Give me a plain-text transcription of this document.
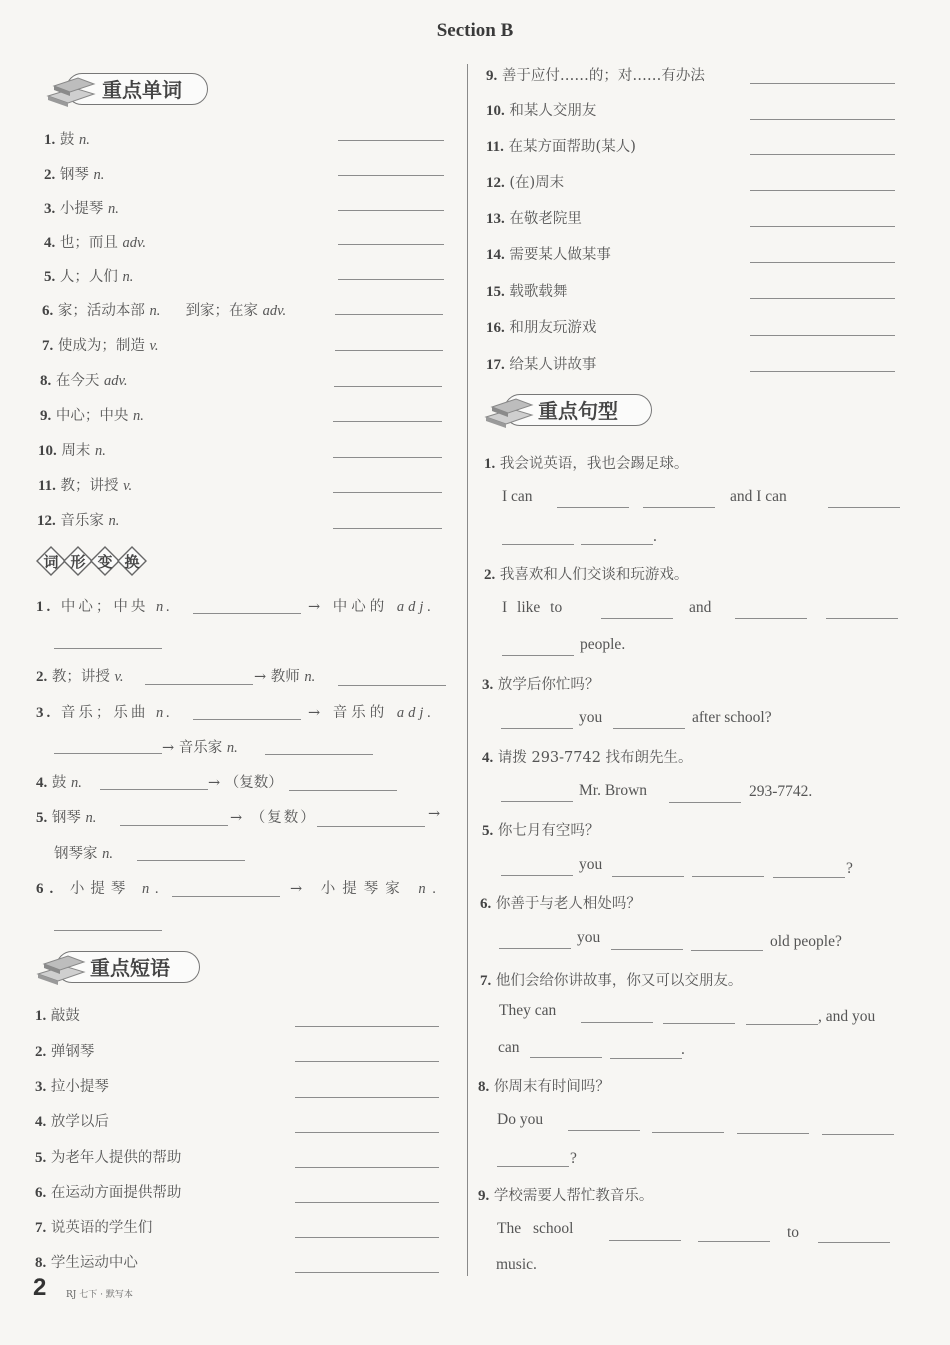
Section B
重点单词
1. 鼓 n.
2. 钢琴 n.
3. 小提琴 n.
4. 也；而且 adv.
5. 人；人们 n.
6. 家；活动本部 n. 到家；在家 adv.
7. 使成为；制造 v.
8. 在今天 adv.
9. 中心；中央 n.
10. 周末 n.
11. 教；讲授 v.
12. 音乐家 n.
词 形 变 换
1. 中心；中央 n.	→ 中心的 adj.
2. 教；讲授 v.	→ 教师 n.
3. 音乐；乐曲 n.	→ 音乐的 adj.
→ 音乐家 n.
4. 鼓 n.	→ （复数）
5. 钢琴 n.	→ （复数）	→
钢琴家 n.
6. 小提琴 n.	→ 小提琴家 n.
重点短语
1. 敲鼓
2. 弹钢琴
3. 拉小提琴
4. 放学以后
5. 为老年人提供的帮助
6. 在运动方面提供帮助
7. 说英语的学生们
8. 学生运动中心
2 RJ 七下 · 默写本
9. 善于应付……的；对……有办法
10. 和某人交朋友
11. 在某方面帮助(某人)
12. (在)周末
13. 在敬老院里
14. 需要某人做某事
15. 载歌载舞
16. 和朋友玩游戏
17. 给某人讲故事
重点句型
1. 我会说英语，我也会踢足球。
I can	and I can
.
2. 我喜欢和人们交谈和玩游戏。
I like to	and
people.
3. 放学后你忙吗？
you	after school?
4. 请拨 293-7742 找布朗先生。
Mr. Brown	293-7742.
5. 你七月有空吗？
you	?
6. 你善于与老人相处吗？
you	old people?
7. 他们会给你讲故事，你又可以交朋友。
They can	, and you
can	.
8. 你周末有时间吗？
Do you
?
9. 学校需要人帮忙教音乐。
The school	to
music.
